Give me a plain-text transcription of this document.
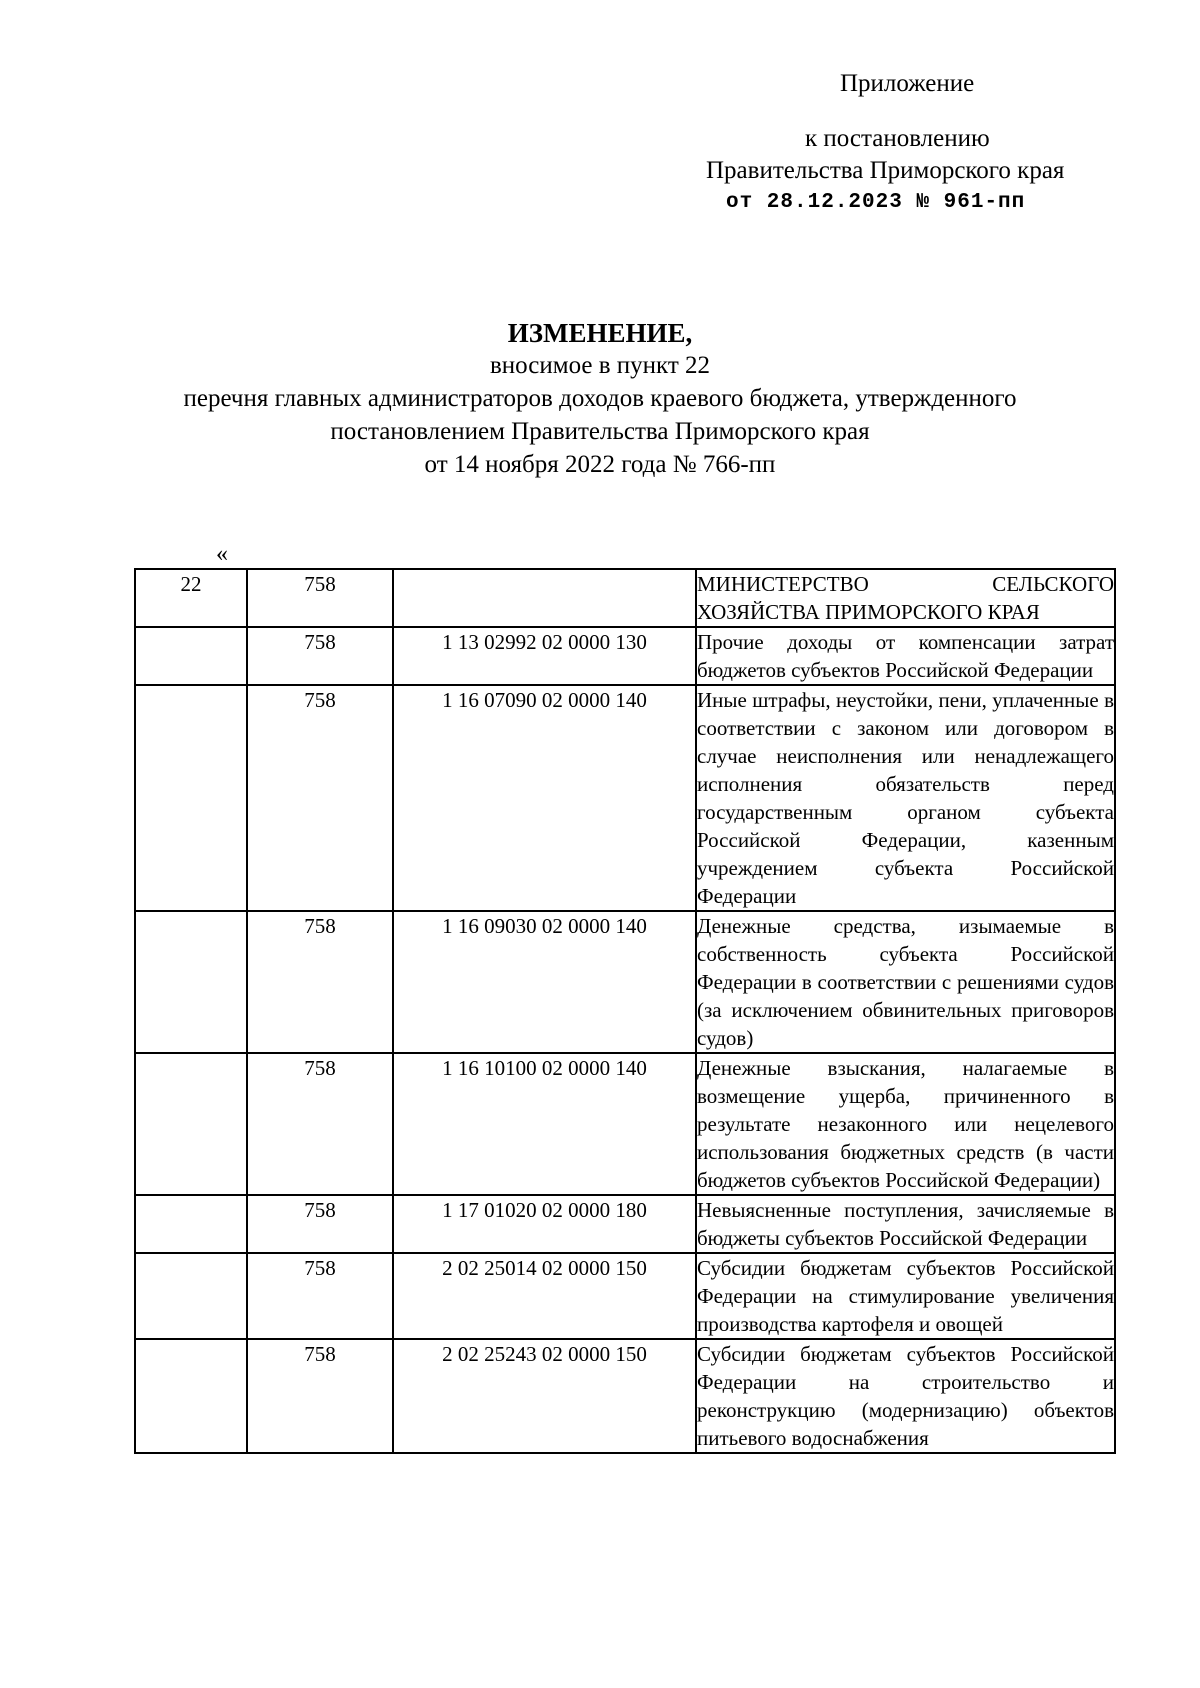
Приложение
к постановлению
Правительства Приморского края
от 28.12.2023 № 961-пп
ИЗМЕНЕНИЕ,
вносимое в пункт 22
перечня главных администраторов доходов краевого бюджета, утвержденного
постановлением Правительства Приморского края
от 14 ноября 2022 года № 766-пп
«
22	758		МИНИСТЕРСТВО СЕЛЬСКОГО ХОЗЯЙСТВА ПРИМОРСКОГО КРАЯ
	758	1 13 02992 02 0000 130	Прочие доходы от компенсации затрат бюджетов субъектов Российской Федерации
	758	1 16 07090 02 0000 140	Иные штрафы, неустойки, пени, уплаченные в соответствии с законом или договором в случае неисполнения или ненадлежащего исполнения обязательств перед государственным органом субъекта Российской Федерации, казенным учреждением субъекта Российской Федерации
	758	1 16 09030 02 0000 140	Денежные средства, изымаемые в собственность субъекта Российской Федерации в соответствии с решениями судов (за исключением обвинительных приговоров судов)
	758	1 16 10100 02 0000 140	Денежные взыскания, налагаемые в возмещение ущерба, причиненного в результате незаконного или нецелевого использования бюджетных средств (в части бюджетов субъектов Российской Федерации)
	758	1 17 01020 02 0000 180	Невыясненные поступления, зачисляемые в бюджеты субъектов Российской Федерации
	758	2 02 25014 02 0000 150	Субсидии бюджетам субъектов Российской Федерации на стимулирование увеличения производства картофеля и овощей
	758	2 02 25243 02 0000 150	Субсидии бюджетам субъектов Российской Федерации на строительство и реконструкцию (модернизацию) объектов питьевого водоснабжения
